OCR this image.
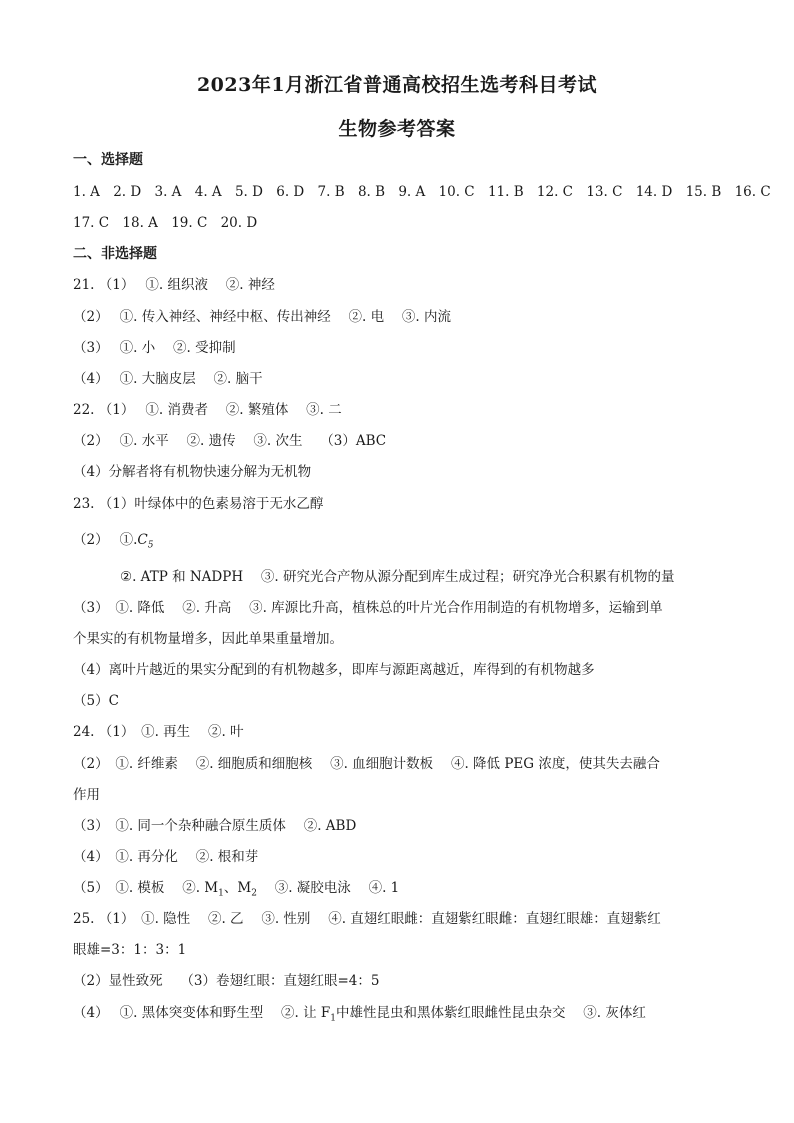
2023年1月浙江省普通高校招生选考科目考试
生物参考答案
一、选择题
1. A 2. D 3. A 4. A 5. D 6. D 7. B 8. B 9. A 10. C 11. B 12. C 13. C 14. D 15. B 16. C
17. C 18. A 19. C 20. D
二、非选择题
21. （1）　 ①. 组织液　 ②. 神经
（2）　 ①. 传入神经、神经中枢、传出神经　 ②. 电　 ③. 内流
（3）　 ①. 小　 ②. 受抑制
（4）　 ①. 大脑皮层　 ②. 脑干
22. （1）　 ①. 消费者　 ②. 繁殖体　 ③. 二
（2）　 ①. 水平　 ②. 遗传　 ③. 次生　 （3）ABC
（4）分解者将有机物快速分解为无机物
23. （1）叶绿体中的色素易溶于无水乙醇
（2）　 $①.C_5$
②. ATP 和 NADPH　 ③. 研究光合产物从源分配到库生成过程；研究净光合积累有机物的量
（3）　①. 降低　 ②. 升高　 ③. 库源比升高，植株总的叶片光合作用制造的有机物增多，运输到单
个果实的有机物量增多，因此单果重量增加。
（4）离叶片越近的果实分配到的有机物越多，即库与源距离越近，库得到的有机物越多
（5）C
24. （1）　①. 再生　 ②. 叶
（2）　①. 纤维素　 ②. 细胞质和细胞核　 ③. 血细胞计数板　 ④. 降低 PEG 浓度，使其失去融合
作用
（3）　①. 同一个杂种融合原生质体　 ②. ABD
（4）　①. 再分化　 ②. 根和芽
（5）　①. 模板　 ②. $M_1$、$M_2$　 ③. 凝胶电泳　 ④. 1
25. （1）　①. 隐性　 ②. 乙　 ③. 性别　 ④. 直翅红眼雌：直翅紫红眼雌：直翅红眼雄：直翅紫红
眼雄=3：1：3：1
（2）显性致死　 （3）卷翅红眼：直翅红眼=4：5
（4）　 ①. 黑体突变体和野生型　 ②. 让 $F_1$中雄性昆虫和黑体紫红眼雌性昆虫杂交　 ③. 灰体红
